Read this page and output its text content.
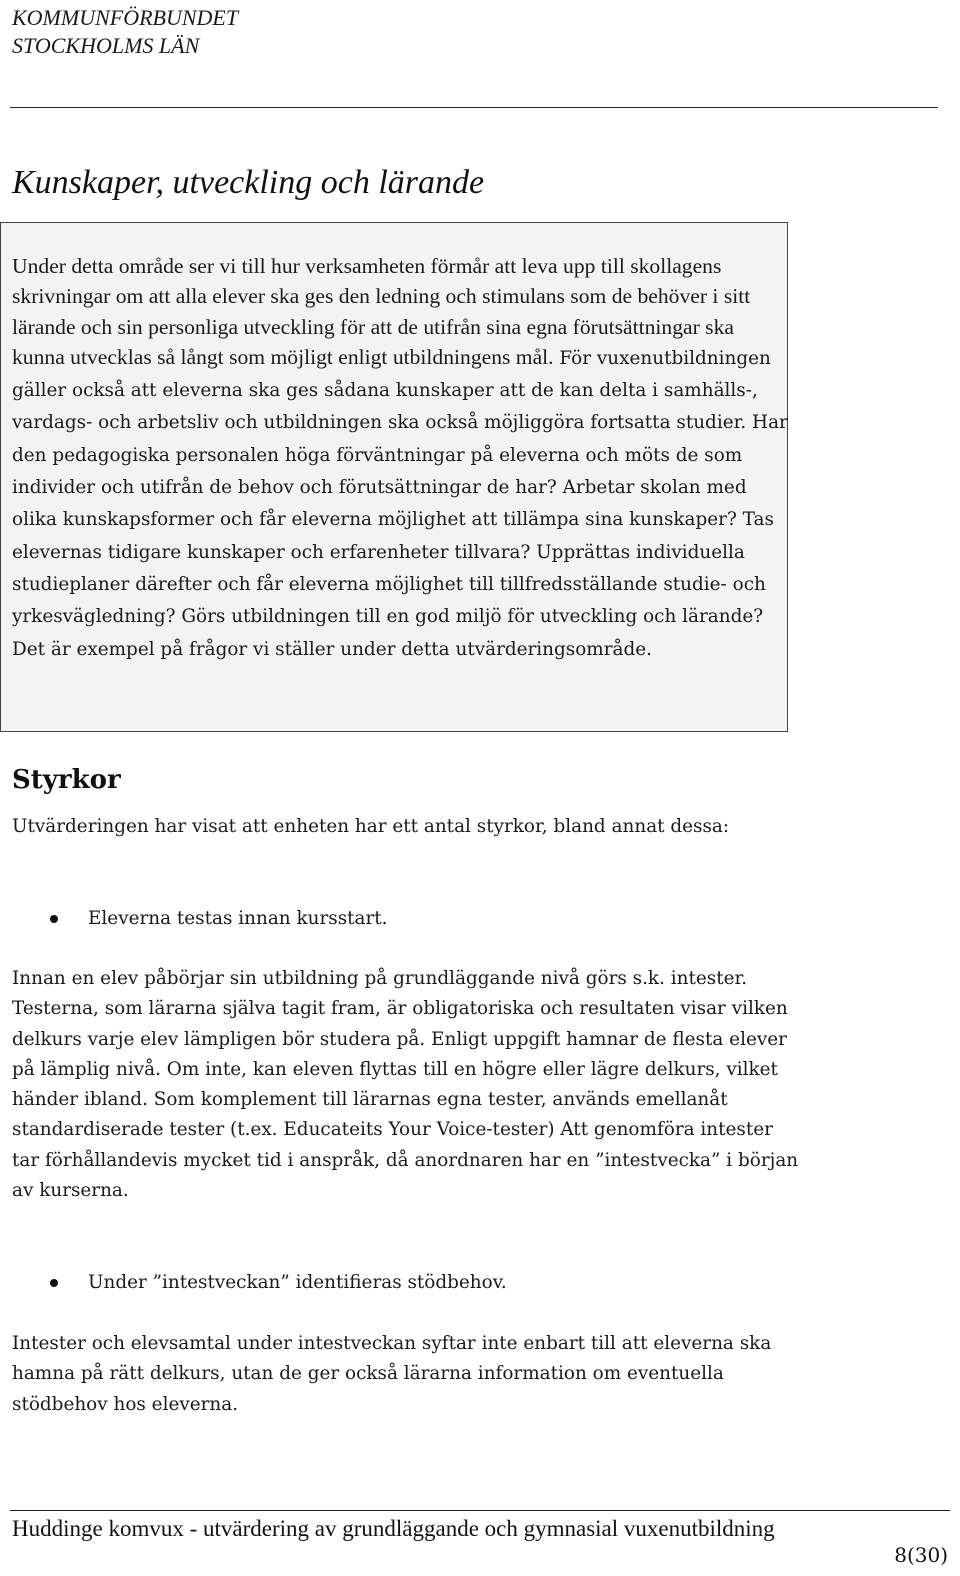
KOMMUNFÖRBUNDET
STOCKHOLMS LÄN
Kunskaper, utveckling och lärande

Under detta område ser vi till hur verksamheten förmår att leva upp till skollagens skrivningar om att alla elever ska ges den ledning och stimulans som de behöver i sitt lärande och sin personliga utveckling för att de utifrån sina egna förutsättningar ska kunna utvecklas så långt som möjligt enligt utbildningens mål. För vuxenutbildningen gäller också att eleverna ska ges sådana kunskaper att de kan delta i samhälls-, vardags- och arbetsliv och utbildningen ska också möjliggöra fortsatta studier. Har den pedagogiska personalen höga förväntningar på eleverna och möts de som individer och utifrån de behov och förutsättningar de har? Arbetar skolan med olika kunskapsformer och får eleverna möjlighet att tillämpa sina kunskaper? Tas elevernas tidigare kunskaper och erfarenheter tillvara? Upprättas individuella studieplaner därefter och får eleverna möjlighet till tillfredsställande studie- och yrkesvägledning? Görs utbildningen till en god miljö för utveckling och lärande? Det är exempel på frågor vi ställer under detta utvärderingsområde.

Styrkor

Utvärderingen har visat att enheten har ett antal styrkor, bland annat dessa:

Eleverna testas innan kursstart.

Innan en elev påbörjar sin utbildning på grundläggande nivå görs s.k. intester. Testerna, som lärarna själva tagit fram, är obligatoriska och resultaten visar vilken delkurs varje elev lämpligen bör studera på. Enligt uppgift hamnar de flesta elever på lämplig nivå. Om inte, kan eleven flyttas till en högre eller lägre delkurs, vilket händer ibland. Som komplement till lärarnas egna tester, används emellanåt standardiserade tester (t.ex. Educateits Your Voice-tester) Att genomföra intester tar förhållandevis mycket tid i anspråk, då anordnaren har en ”intestvecka” i början av kurserna.

Under ”intestveckan” identifieras stödbehov.

Intester och elevsamtal under intestveckan syftar inte enbart till att eleverna ska hamna på rätt delkurs, utan de ger också lärarna information om eventuella stödbehov hos eleverna.

Huddinge komvux - utvärdering av grundläggande och gymnasial vuxenutbildning
8(30)
